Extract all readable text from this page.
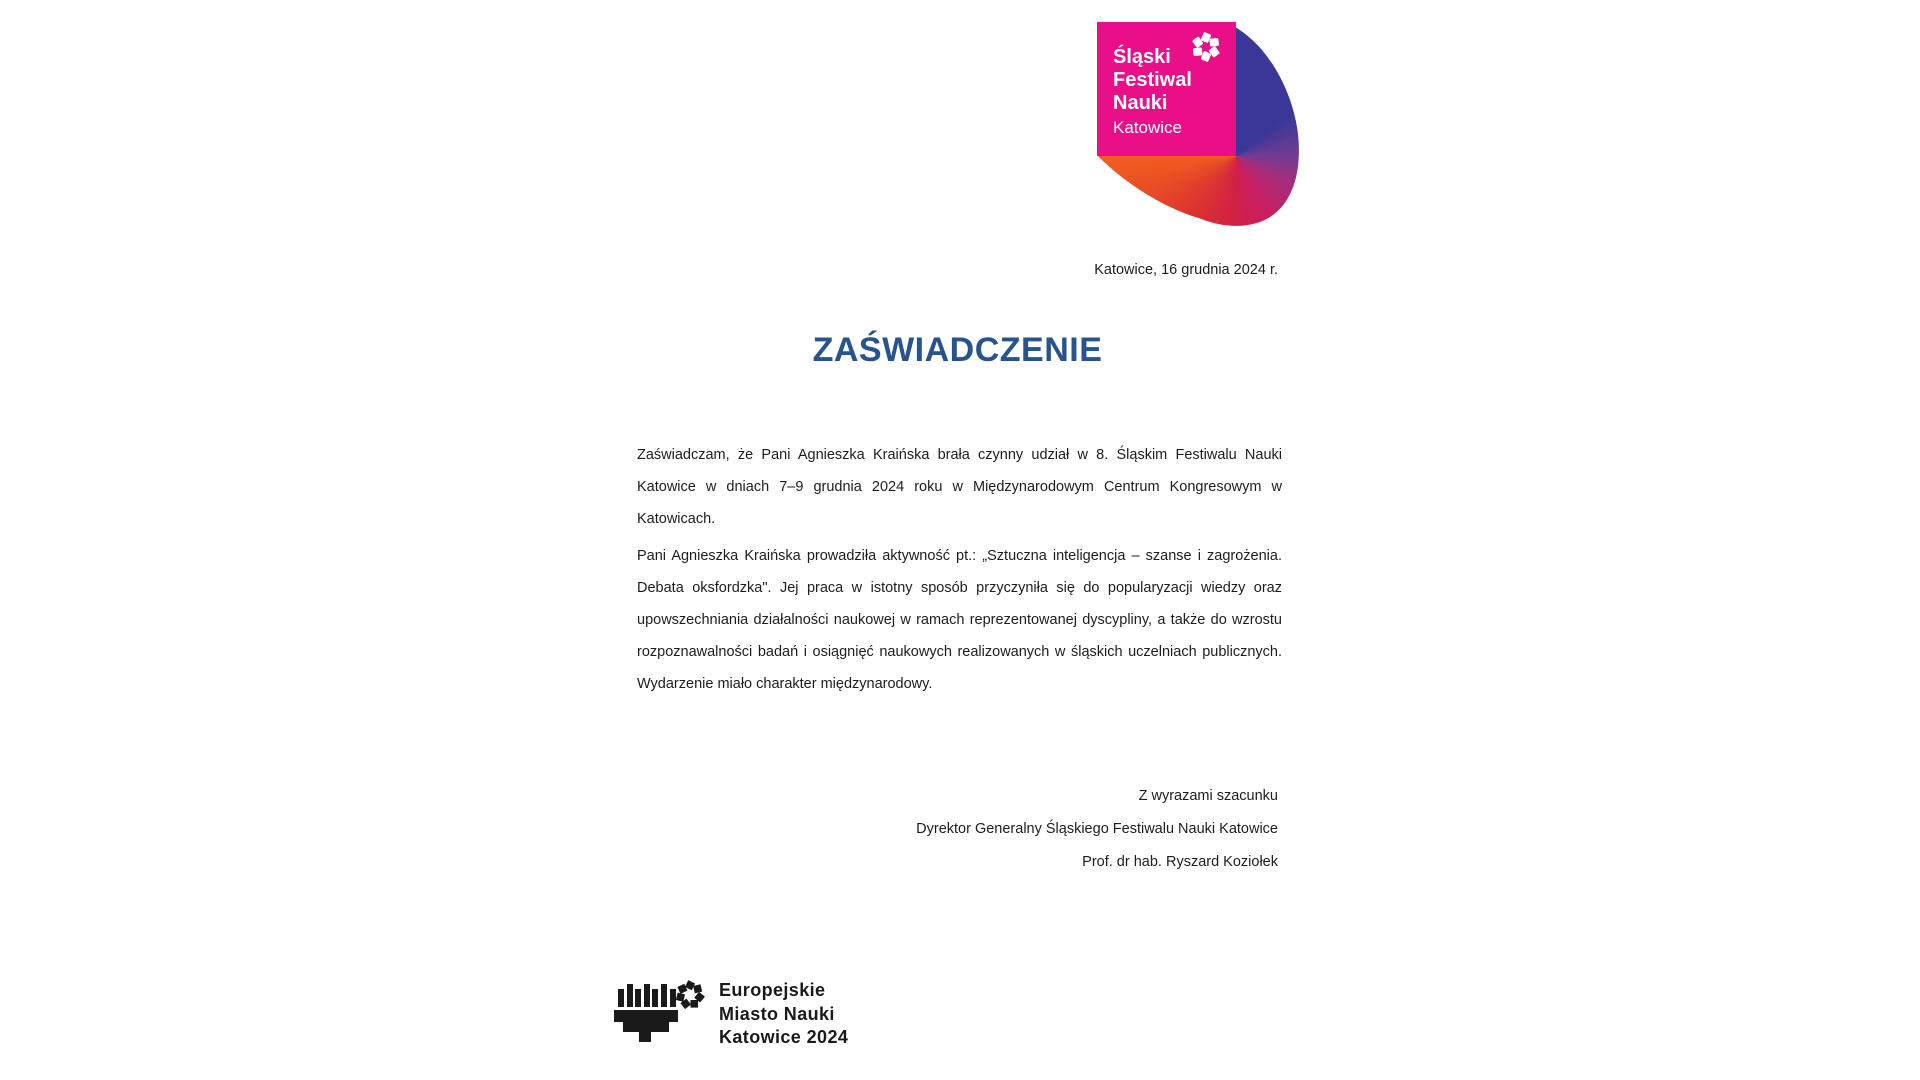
Śląski
Festiwal
Nauki
Katowice
Katowice, 16 grudnia 2024 r.
ZAŚWIADCZENIE

Zaświadczam, że Pani Agnieszka Kraińska brała czynny udział w 8. Śląskim Festiwalu Nauki Katowice w dniach 7–9 grudnia 2024 roku w Międzynarodowym Centrum Kongresowym w Katowicach.

Pani Agnieszka Kraińska prowadziła aktywność pt.: „Sztuczna inteligencja – szanse i zagrożenia. Debata oksfordzka". Jej praca w istotny sposób przyczyniła się do popularyzacji wiedzy oraz upowszechniania działalności naukowej w ramach reprezentowanej dyscypliny, a także do wzrostu rozpoznawalności badań i osiągnięć naukowych realizowanych w śląskich uczelniach publicznych. Wydarzenie miało charakter międzynarodowy.

Z wyrazami szacunku
Dyrektor Generalny Śląskiego Festiwalu Nauki Katowice
Prof. dr hab. Ryszard Koziołek
Europejskie
Miasto Nauki
Katowice 2024
